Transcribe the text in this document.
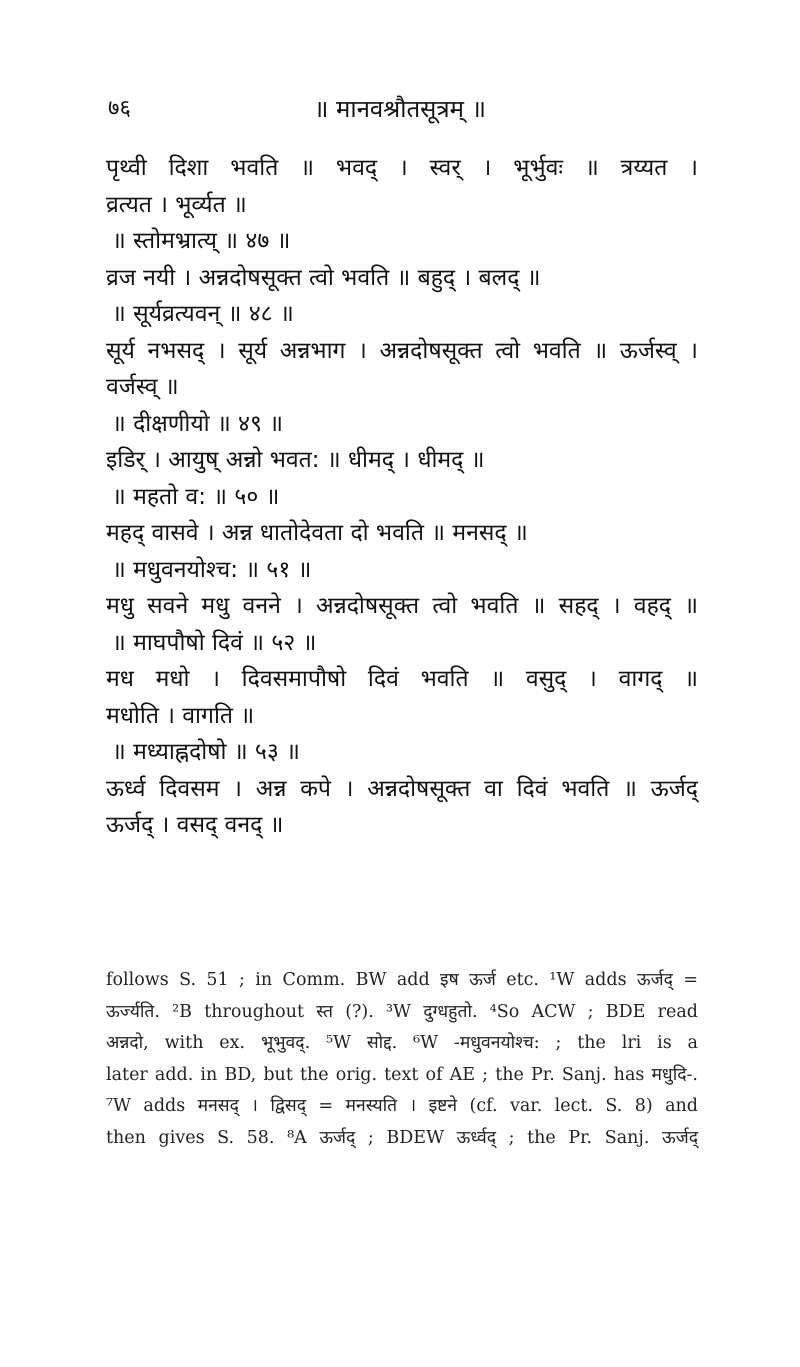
७६	॥ मानवश्रौतसूत्रम् ॥
पृथ्वी दिशा भवति ॥ भवद् । स्वर् । भूर्भुवः ॥ त्रय्यत ।
व्रत्यत । भूर्व्यत ॥
॥ स्तोमभ्रात्य् ॥ ४७ ॥
व्रज नयी । अन्नदोषसूक्त त्वो भवति ॥ बहुद् । बलद् ॥
॥ सूर्यव्रत्यवन् ॥ ४८ ॥
सूर्य नभसद् । सूर्य अन्नभाग । अन्नदोषसूक्त त्वो भवति ॥ ऊर्जस्व् ।
वर्जस्व् ॥
॥ दीक्षणीयो ॥ ४९ ॥
इडिर् । आयुष् अन्नो भवत: ॥ धीमद् । धीमद् ॥
॥ महतो व: ॥ ५० ॥
महद् वासवे । अन्न धातोदेवता दो भवति ॥ मनसद् ॥
॥ मधुवनयोश्च: ॥ ५१ ॥
मधु सवने मधु वनने । अन्नदोषसूक्त त्वो भवति ॥ सहद् । वहद् ॥
॥ माघपौषो दिवं ॥ ५२ ॥
मध मधो । दिवसमापौषो दिवं भवति ॥ वसुद् । वागद् ॥
मधोति । वागति ॥
॥ मध्याह्नदोषो ॥ ५३ ॥
ऊर्ध्व दिवसम । अन्न कपे । अन्नदोषसूक्त वा दिवं भवति ॥ ऊर्जद्
ऊर्जद् । वसद् वनद् ॥
follows S. 51 ; in Comm. BW add इष ऊर्ज etc. ¹W adds ऊर्जद् =
ऊर्ज्यति. ²B throughout स्त (?). ³W दुग्धहुतो. ⁴So ACW ; BDE read
अन्नदो, with ex. भूभुवद्. ⁵W सोद्द. ⁶W -मधुवनयोश्च: ; the lri is a
later add. in BD, but the orig. text of AE ; the Pr. Sanj. has मधुदि-.
⁷W adds मनसद् । द्विसद् = मनस्यति । इष्टने (cf. var. lect. S. 8) and
then gives S. 58. ⁸A ऊर्जद् ; BDEW ऊर्ध्वद् ; the Pr. Sanj. ऊर्जद्
